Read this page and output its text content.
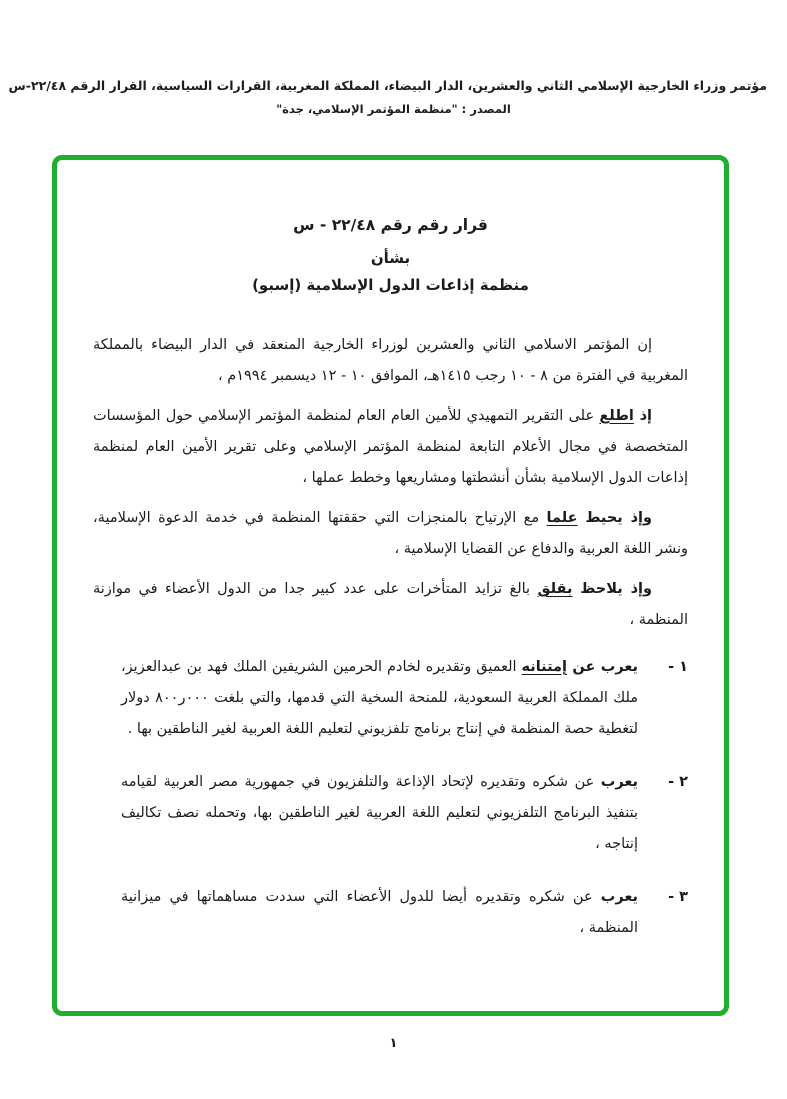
مؤتمر وزراء الخارجية الإسلامي الثاني والعشرين، الدار البيضاء، المملكة المغربية، القرارات السياسية، القرار الرقم ٢٢/٤٨-س
المصدر : "منظمة المؤتمر الإسلامي، جدة"
قرار رقم رقم ٢٢/٤٨ - س
بشأن
منظمة إذاعات الدول الإسلامية (إسبو)

إن المؤتمر الاسلامي الثاني والعشرين لوزراء الخارجية المنعقد في الدار البيضاء بالمملكة المغربية في الفترة من ٨ - ١٠ رجب ١٤١٥هـ، الموافق ١٠ - ١٢ ديسمبر ١٩٩٤م ،

إذ اطلع على التقرير التمهيدي للأمين العام العام لمنظمة المؤتمر الإسلامي حول المؤسسات المتخصصة في مجال الأعلام التابعة لمنظمة المؤتمر الإسلامي وعلى تقرير الأمين العام لمنظمة إذاعات الدول الإسلامية بشأن أنشطتها ومشاريعها وخطط عملها ،

وإذ يحيط علما مع الإرتياح بالمنجزات التي حققتها المنظمة في خدمة الدعوة الإسلامية، ونشر اللغة العربية والدفاع عن القضايا الإسلامية ،

وإذ يلاحظ بقلق بالغ تزايد المتأخرات على عدد كبير جدا من الدول الأعضاء في موازنة المنظمة ،

١ -
يعرب عن إمتنانه العميق وتقديره لخادم الحرمين الشريفين الملك فهد بن عبدالعزيز، ملك المملكة العربية السعودية، للمنحة السخية التي قدمها، والتي بلغت ٠٠٠ر٨٠٠ دولار لتغطية حصة المنظمة في إنتاج برنامج تلفزيوني لتعليم اللغة العربية لغير الناطقين بها .
٢ -
يعرب عن شكره وتقديره لإتحاد الإذاعة والتلفزيون في جمهورية مصر العربية لقيامه بتنفيذ البرنامج التلفزيوني لتعليم اللغة العربية لغير الناطقين بها، وتحمله نصف تكاليف إنتاجه ،
٣ -
يعرب عن شكره وتقديره أيضا للدول الأعضاء التي سددت مساهماتها في ميزانية المنظمة ،
١
